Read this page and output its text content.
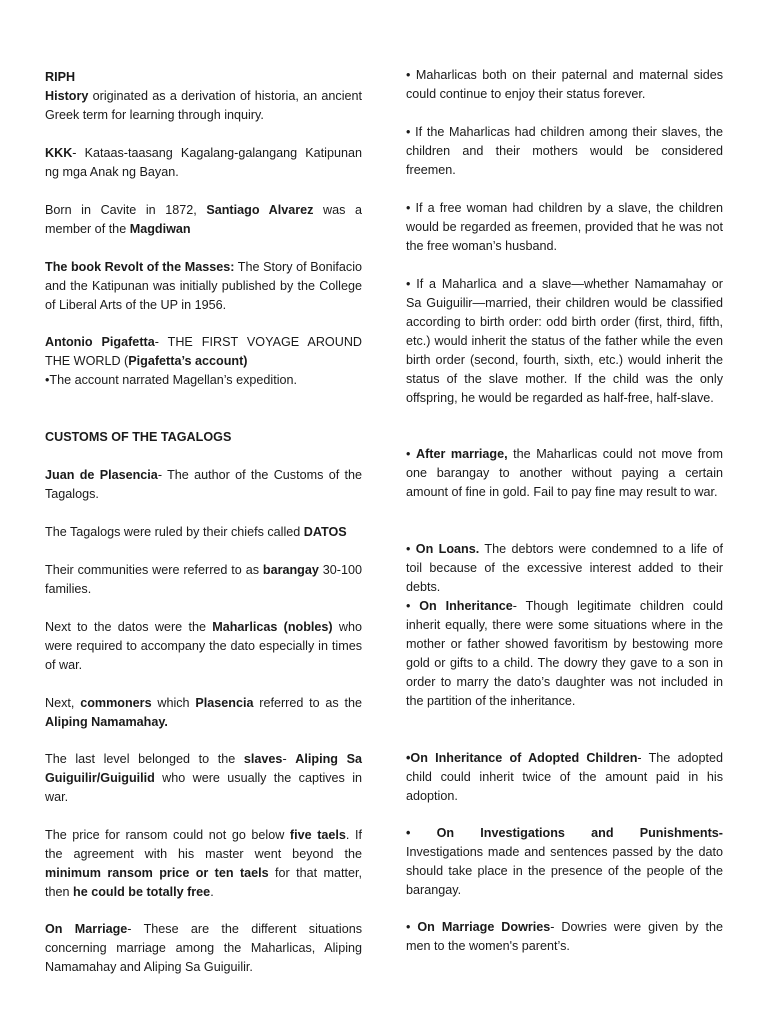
RIPH

History originated as a derivation of historia, an ancient Greek term for learning through inquiry.

KKK- Kataas-taasang Kagalang-galangang Katipunan ng mga Anak ng Bayan.

Born in Cavite in 1872, Santiago Alvarez was a member of the Magdiwan

The book Revolt of the Masses: The Story of Bonifacio and the Katipunan was initially published by the College of Liberal Arts of the UP in 1956.

Antonio Pigafetta- THE FIRST VOYAGE AROUND THE WORLD (Pigafetta’s account)

•The account narrated Magellan’s expedition.

CUSTOMS OF THE TAGALOGS

Juan de Plasencia- The author of the Customs of the Tagalogs.

The Tagalogs were ruled by their chiefs called DATOS

Their communities were referred to as barangay 30-100 families.

Next to the datos were the Maharlicas (nobles) who were required to accompany the dato especially in times of war.

Next, commoners which Plasencia referred to as the Aliping Namamahay.

The last level belonged to the slaves- Aliping Sa Guiguilir/Guiguilid who were usually the captives in war.

The price for ransom could not go below five taels. If the agreement with his master went beyond the minimum ransom price or ten taels for that matter, then he could be totally free.

On Marriage- These are the different situations concerning marriage among the Maharlicas, Aliping Namamahay and Aliping Sa Guiguilir.

• Maharlicas both on their paternal and maternal sides could continue to enjoy their status forever.

• If the Maharlicas had children among their slaves, the children and their mothers would be considered freemen.

• If a free woman had children by a slave, the children would be regarded as freemen, provided that he was not the free woman’s husband.

• If a Maharlica and a slave—whether Namamahay or Sa Guiguilir—married, their children would be classified according to birth order: odd birth order (first, third, fifth, etc.) would inherit the status of the father while the even birth order (second, fourth, sixth, etc.) would inherit the status of the slave mother. If the child was the only offspring, he would be regarded as half-free, half-slave.

• After marriage, the Maharlicas could not move from one barangay to another without paying a certain amount of fine in gold. Fail to pay fine may result to war.

• On Loans. The debtors were condemned to a life of toil because of the excessive interest added to their debts.

• On Inheritance- Though legitimate children could inherit equally, there were some situations where in the mother or father showed favoritism by bestowing more gold or gifts to a child. The dowry they gave to a son in order to marry the dato’s daughter was not included in the partition of the inheritance.

•On Inheritance of Adopted Children- The adopted child could inherit twice of the amount paid in his adoption.

• On Investigations and Punishments-

Investigations made and sentences passed by the dato should take place in the presence of the people of the barangay.

• On Marriage Dowries- Dowries were given by the men to the women's parent’s.
